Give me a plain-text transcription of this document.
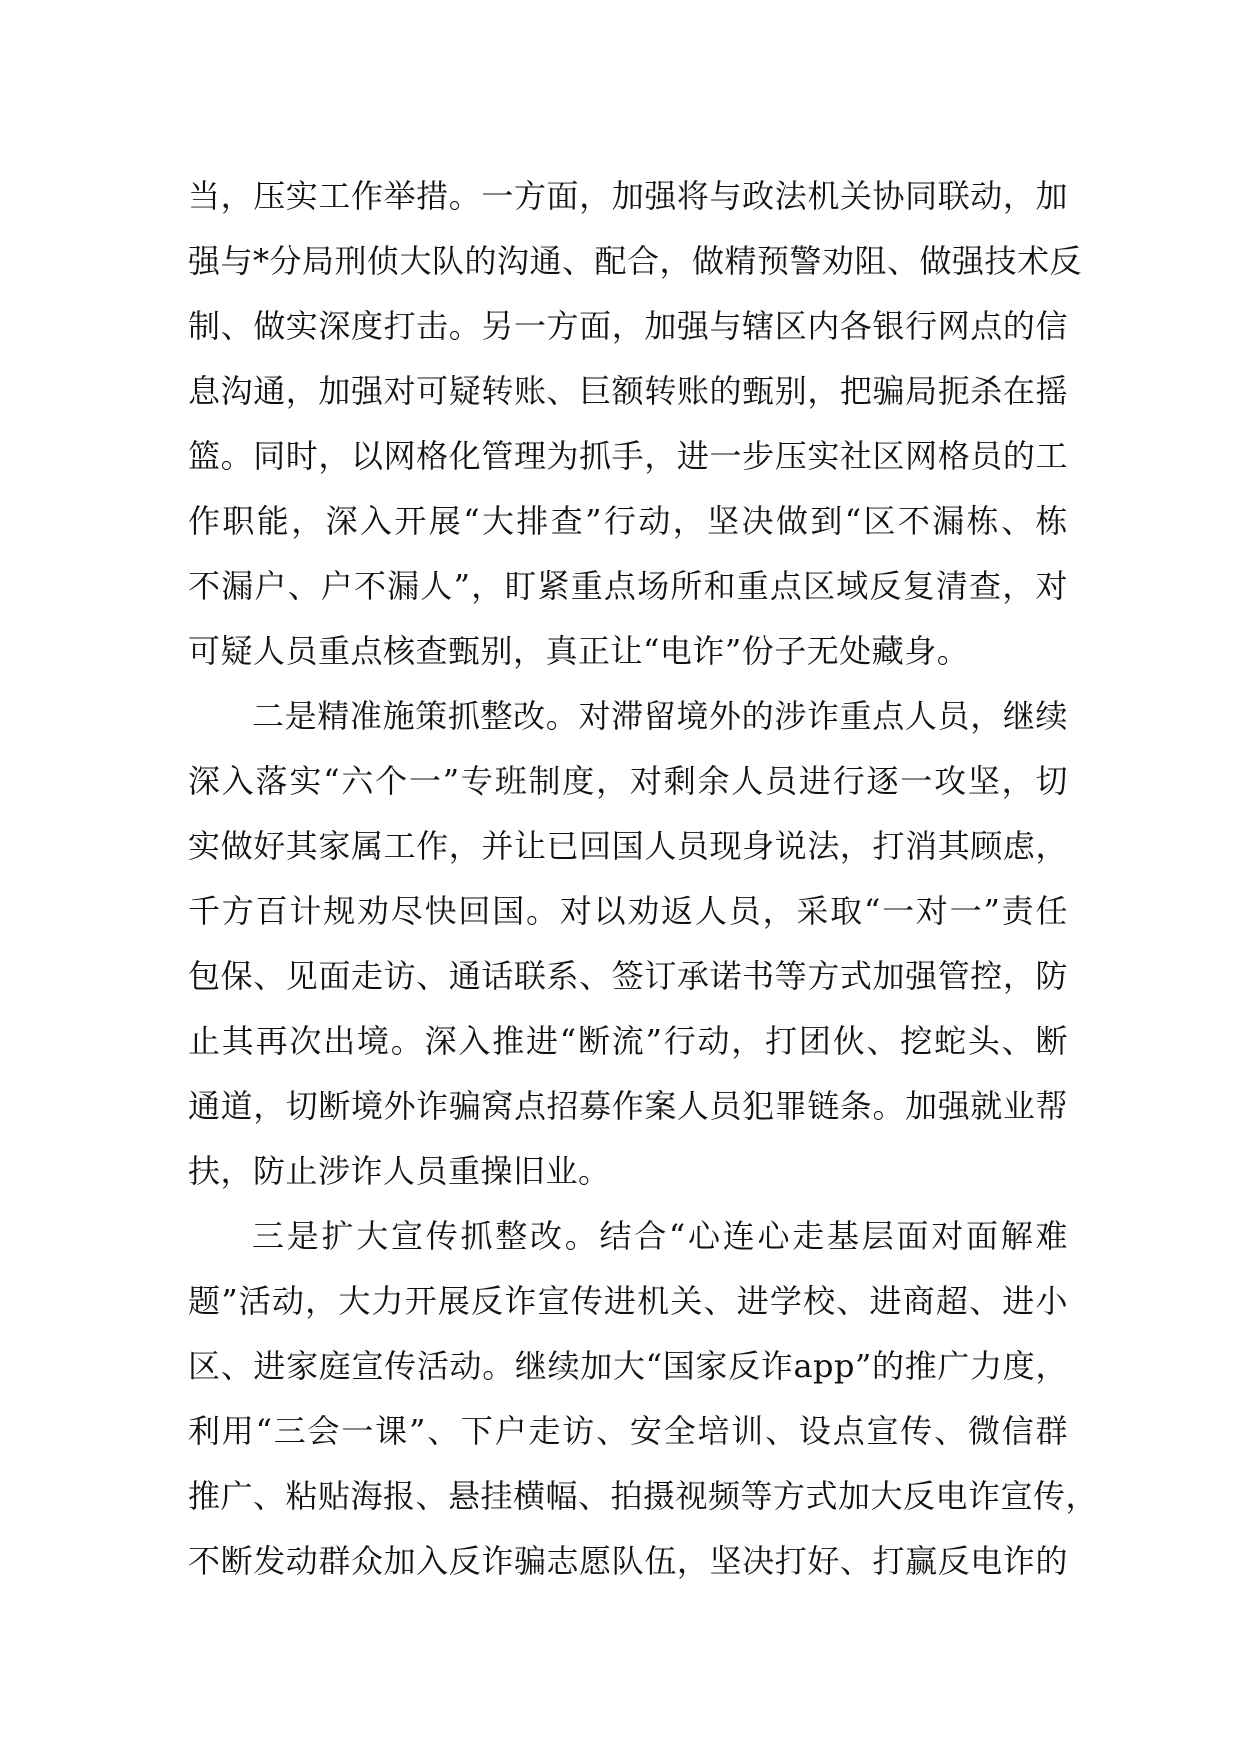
当，压实工作举措。一方面，加强将与政法机关协同联动，加
强与*分局刑侦大队的沟通、配合，做精预警劝阻、做强技术反
制、做实深度打击。另一方面，加强与辖区内各银行网点的信
息沟通，加强对可疑转账、巨额转账的甄别，把骗局扼杀在摇
篮。同时，以网格化管理为抓手，进一步压实社区网格员的工
作职能，深入开展“大排查”行动，坚决做到“区不漏栋、栋
不漏户、户不漏人”，盯紧重点场所和重点区域反复清查，对
可疑人员重点核查甄别，真正让“电诈”份子无处藏身。
二是精准施策抓整改。对滞留境外的涉诈重点人员，继续
深入落实“六个一”专班制度，对剩余人员进行逐一攻坚，切
实做好其家属工作，并让已回国人员现身说法，打消其顾虑，
千方百计规劝尽快回国。对以劝返人员，采取“一对一”责任
包保、见面走访、通话联系、签订承诺书等方式加强管控，防
止其再次出境。深入推进“断流”行动，打团伙、挖蛇头、断
通道，切断境外诈骗窝点招募作案人员犯罪链条。加强就业帮
扶，防止涉诈人员重操旧业。
三是扩大宣传抓整改。结合“心连心走基层面对面解难
题”活动，大力开展反诈宣传进机关、进学校、进商超、进小
区、进家庭宣传活动。继续加大“国家反诈app”的推广力度，
利用“三会一课”、下户走访、安全培训、设点宣传、微信群
推广、粘贴海报、悬挂横幅、拍摄视频等方式加大反电诈宣传，
不断发动群众加入反诈骗志愿队伍，坚决打好、打赢反电诈的
